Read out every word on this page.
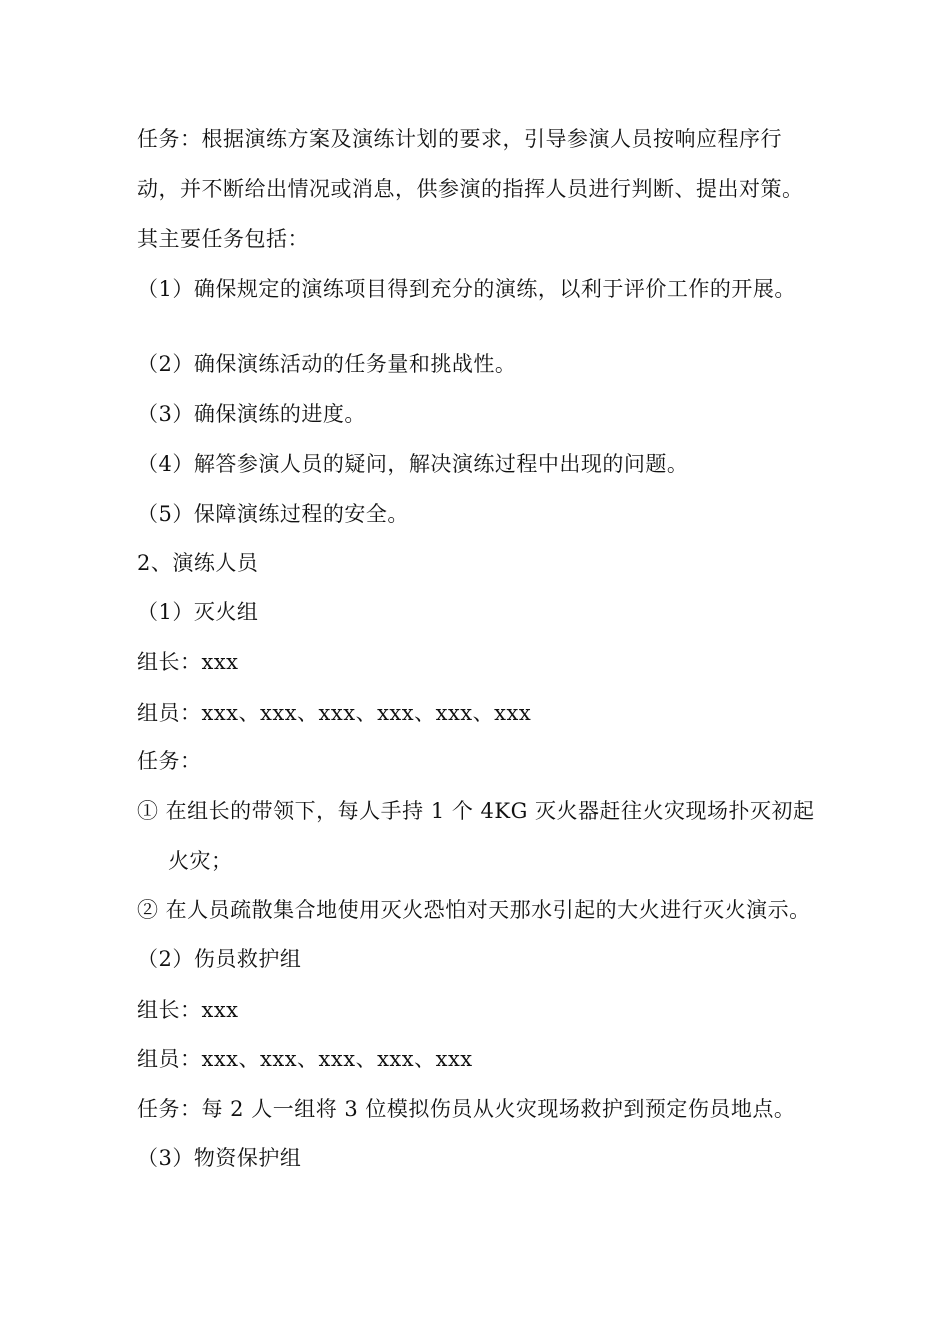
任务：根据演练方案及演练计划的要求，引导参演人员按响应程序行
动，并不断给出情况或消息，供参演的指挥人员进行判断、提出对策。
其主要任务包括：
（1）确保规定的演练项目得到充分的演练，以利于评价工作的开展。
（2）确保演练活动的任务量和挑战性。
（3）确保演练的进度。
（4）解答参演人员的疑问，解决演练过程中出现的问题。
（5）保障演练过程的安全。
2、演练人员
（1）灭火组
组长：xxx
组员：xxx、xxx、xxx、xxx、xxx、xxx
任务：
① 在组长的带领下，每人手持 1 个 4KG 灭火器赶往火灾现场扑灭初起
火灾；
② 在人员疏散集合地使用灭火恐怕对天那水引起的大火进行灭火演示。
（2）伤员救护组
组长：xxx
组员：xxx、xxx、xxx、xxx、xxx
任务：每 2 人一组将 3 位模拟伤员从火灾现场救护到预定伤员地点。
（3）物资保护组
